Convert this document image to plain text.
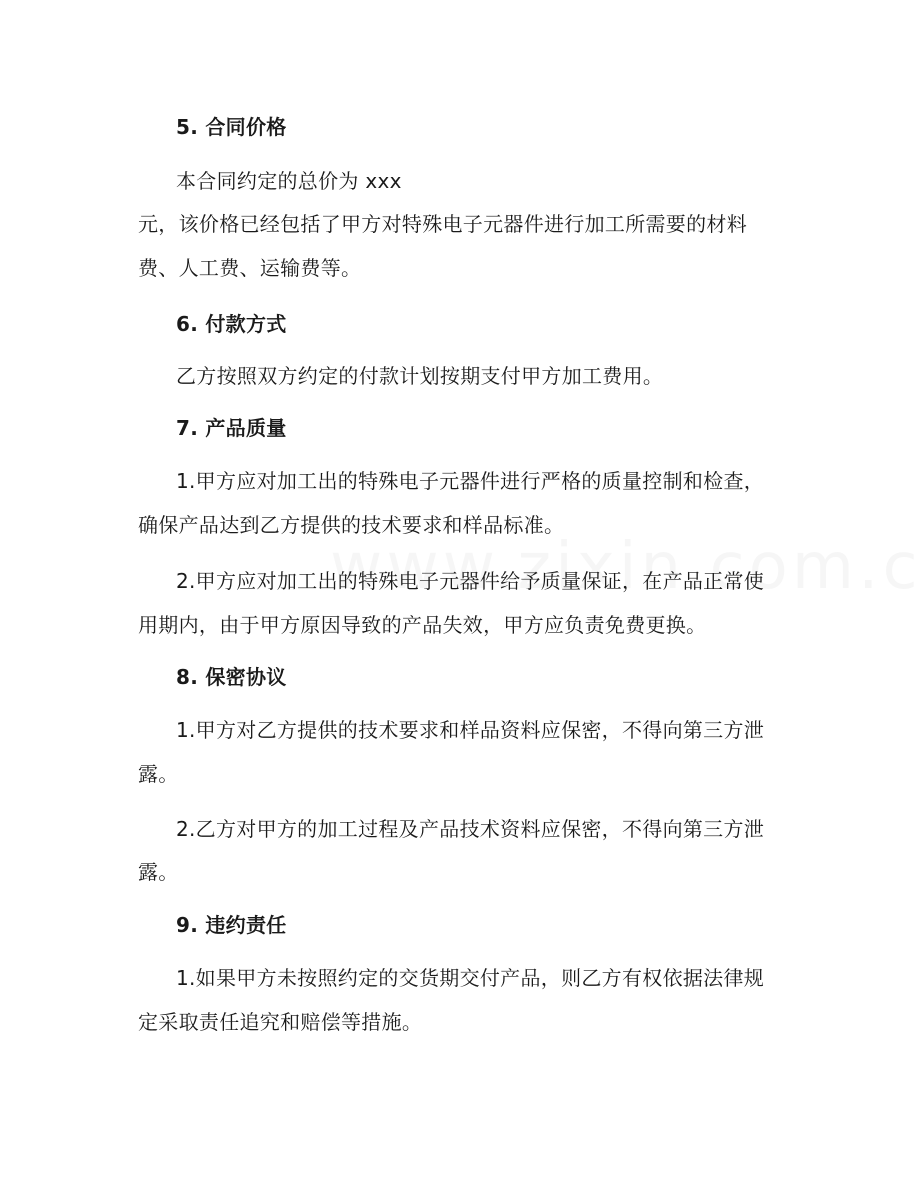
5. 合同价格
本合同约定的总价为 xxx
元，该价格已经包括了甲方对特殊电子元器件进行加工所需要的材料
费、人工费、运输费等。
6. 付款方式
乙方按照双方约定的付款计划按期支付甲方加工费用。
7. 产品质量
1.甲方应对加工出的特殊电子元器件进行严格的质量控制和检查，
确保产品达到乙方提供的技术要求和样品标准。
2.甲方应对加工出的特殊电子元器件给予质量保证，在产品正常使
用期内，由于甲方原因导致的产品失效，甲方应负责免费更换。
8. 保密协议
1.甲方对乙方提供的技术要求和样品资料应保密，不得向第三方泄
露。
2.乙方对甲方的加工过程及产品技术资料应保密，不得向第三方泄
露。
9. 违约责任
1.如果甲方未按照约定的交货期交付产品，则乙方有权依据法律规
定采取责任追究和赔偿等措施。
